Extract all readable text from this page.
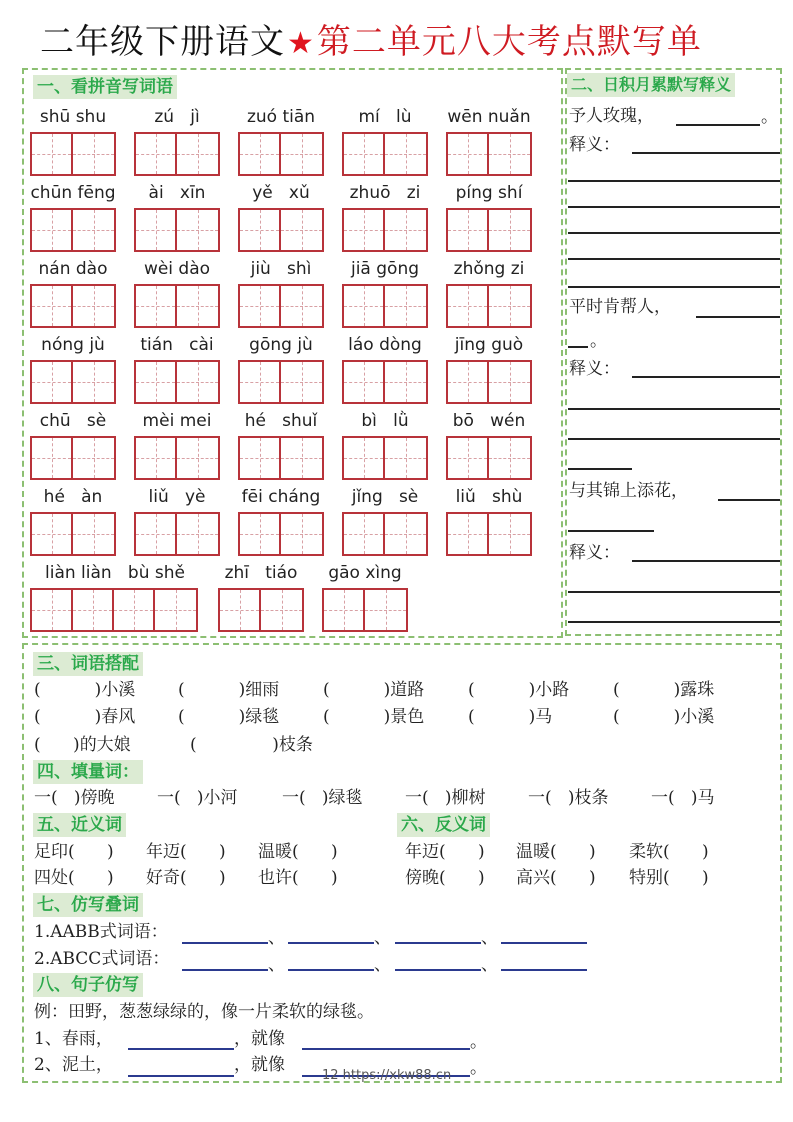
二年级下册语文★第二单元八大考点默写单
一、看拼音写词语
shū shu	zú   jì	zuó tiān	mí   lù	wēn nuǎn
chūn fēng	ài   xīn	yě   xǔ	zhuō   zi	píng shí
nán dào	wèi dào	jiù   shì	jiā gōng	zhǒng zi
nóng jù	tián   cài	gōng jù	láo dòng	jīng guò
chū   sè	mèi mei	hé   shuǐ	bì   lǜ	bō   wén
hé   àn	liǔ   yè	fēi cháng	jǐng   sè	liǔ   shù
liàn liàn   bù shě	zhī   tiáo	gāo xìng
二、日积月累默写释义
予人玫瑰，	。
释义：
平时肯帮人，
。
释义：
与其锦上添花，
释义：
三、词语搭配
(          )小溪	(          )细雨	(          )道路	(          )小路	(          )露珠
(          )春风	(          )绿毯	(          )景色	(          )马	(          )小溪
(      )的大娘	(              )枝条
四、填量词：
一(   )傍晚	一(   )小河	一(   )绿毯	一(   )柳树	一(   )枝条	一(   )马
五、近义词
足印(      ) 年迈(      ) 温暖(      )
四处(      ) 好奇(      ) 也许(      )
六、反义词
年迈(      ) 温暖(      ) 柔软(      )
傍晚(      ) 高兴(      ) 特别(      )
七、仿写叠词
1.AABB式词语：	、	、	、
2.ABCC式词语：	、	、	、
八、句子仿写
例：田野，葱葱绿绿的，像一片柔软的绿毯。
1、春雨，	，就像	。
2、泥土，	，就像	。
12 https://xkw88.cn
